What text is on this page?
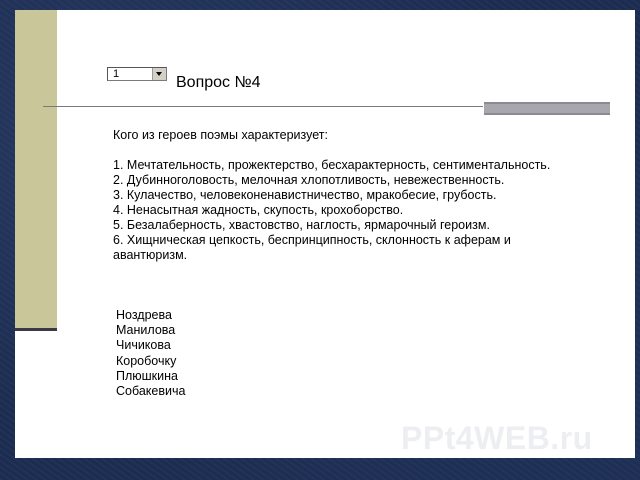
1	Вопрос №4
Кого из героев поэмы характеризует:
1. Мечтательность, прожектерство, бесхарактерность, сентиментальность.
2. Дубинноголовость, мелочная хлопотливость, невежественность.
3. Кулачество, человеконенавистничество, мракобесие, грубость.
4. Ненасытная жадность, скупость, крохоборство.
5. Безалаберность, хвастовство, наглость, ярмарочный героизм.
6. Хищническая цепкость, беспринципность, склонность к аферам и авантюризм.
Ноздрева
Манилова
Чичикова
Коробочку
Плюшкина
Собакевича
PPt4WEB.ru
